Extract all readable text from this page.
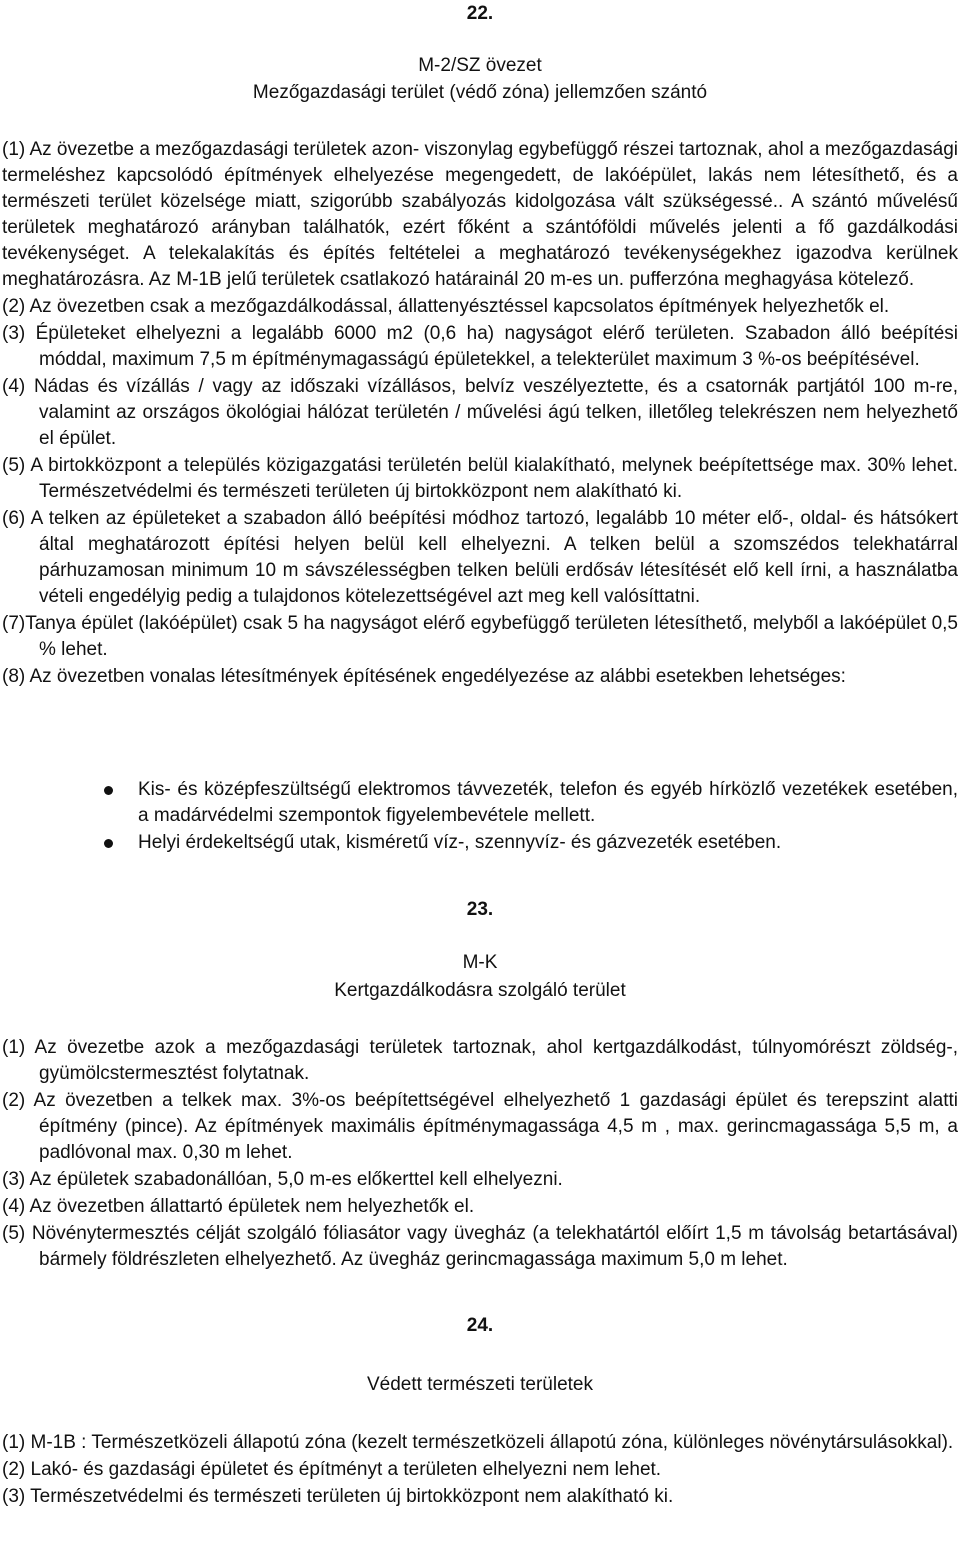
22.
M-2/SZ övezet
Mezőgazdasági terület (védő zóna) jellemzően szántó

(1) Az övezetbe a mezőgazdasági területek azon- viszonylag egybefüggő részei tartoznak, ahol a mezőgazdasági termeléshez kapcsolódó építmények elhelyezése megengedett, de lakóépület, lakás nem létesíthető, és a természeti terület közelsége miatt, szigorúbb szabályozás kidolgozása vált szükségessé.. A szántó művelésű területek meghatározó arányban találhatók, ezért főként a szántóföldi művelés jelenti a fő gazdálkodási tevékenységet. A telekalakítás és építés feltételei a meghatározó tevékenységekhez igazodva kerülnek meghatározásra. Az M-1B jelű területek csatlakozó határainál 20 m-es un. pufferzóna meghagyása kötelező.

(2) Az övezetben csak a mezőgazdálkodással, állattenyésztéssel kapcsolatos építmények helyezhetők el.

(3) Épületeket elhelyezni a legalább 6000 m2 (0,6 ha) nagyságot elérő területen. Szabadon álló beépítési móddal, maximum 7,5 m építménymagasságú épületekkel, a telekterület maximum 3 %-os beépítésével.

(4) Nádas és vízállás / vagy az időszaki vízállásos, belvíz veszélyeztette, és a csatornák partjától 100 m-re, valamint az országos ökológiai hálózat területén / művelési ágú telken, illetőleg telekrészen nem helyezhető el épület.

(5) A birtokközpont a település közigazgatási területén belül kialakítható, melynek beépítettsége max. 30% lehet. Természetvédelmi és természeti területen új birtokközpont nem alakítható ki.

(6) A telken az épületeket a szabadon álló beépítési módhoz tartozó, legalább 10 méter elő-, oldal- és hátsókert által meghatározott építési helyen belül kell elhelyezni. A telken belül a szomszédos telekhatárral párhuzamosan minimum 10 m sávszélességben telken belüli erdősáv létesítését elő kell írni, a használatba vételi engedélyig pedig a tulajdonos kötelezettségével azt meg kell valósíttatni.

(7)Tanya épület (lakóépület) csak 5 ha nagyságot elérő egybefüggő területen létesíthető, melyből a lakóépület 0,5 % lehet.

(8) Az övezetben vonalas létesítmények építésének engedélyezése az alábbi esetekben lehetséges:

Kis- és középfeszültségű elektromos távvezeték, telefon és egyéb hírközlő vezetékek esetében, a madárvédelmi szempontok figyelembevétele mellett.
Helyi érdekeltségű utak, kisméretű víz-, szennyvíz- és gázvezeték esetében.
23.
M-K
Kertgazdálkodásra szolgáló terület

(1) Az övezetbe azok a mezőgazdasági területek tartoznak, ahol kertgazdálkodást, túlnyomórészt zöldség-, gyümölcstermesztést folytatnak.

(2) Az övezetben a telkek max. 3%-os beépítettségével elhelyezhető 1 gazdasági épület és terepszint alatti építmény (pince). Az építmények maximális építménymagassága 4,5 m , max. gerincmagassága 5,5 m, a padlóvonal max. 0,30 m lehet.

(3) Az épületek szabadonállóan, 5,0 m-es előkerttel kell elhelyezni.

(4) Az övezetben állattartó épületek nem helyezhetők el.

(5) Növénytermesztés célját szolgáló fóliasátor vagy üvegház (a telekhatártól előírt 1,5 m távolság betartásával) bármely földrészleten elhelyezhető. Az üvegház gerincmagassága maximum 5,0 m lehet.

24.
Védett természeti területek

(1) M-1B : Természetközeli állapotú zóna (kezelt természetközeli állapotú zóna, különleges növénytársulásokkal).

(2) Lakó- és gazdasági épületet és építményt a területen elhelyezni nem lehet.

(3) Természetvédelmi és természeti területen új birtokközpont nem alakítható ki.
